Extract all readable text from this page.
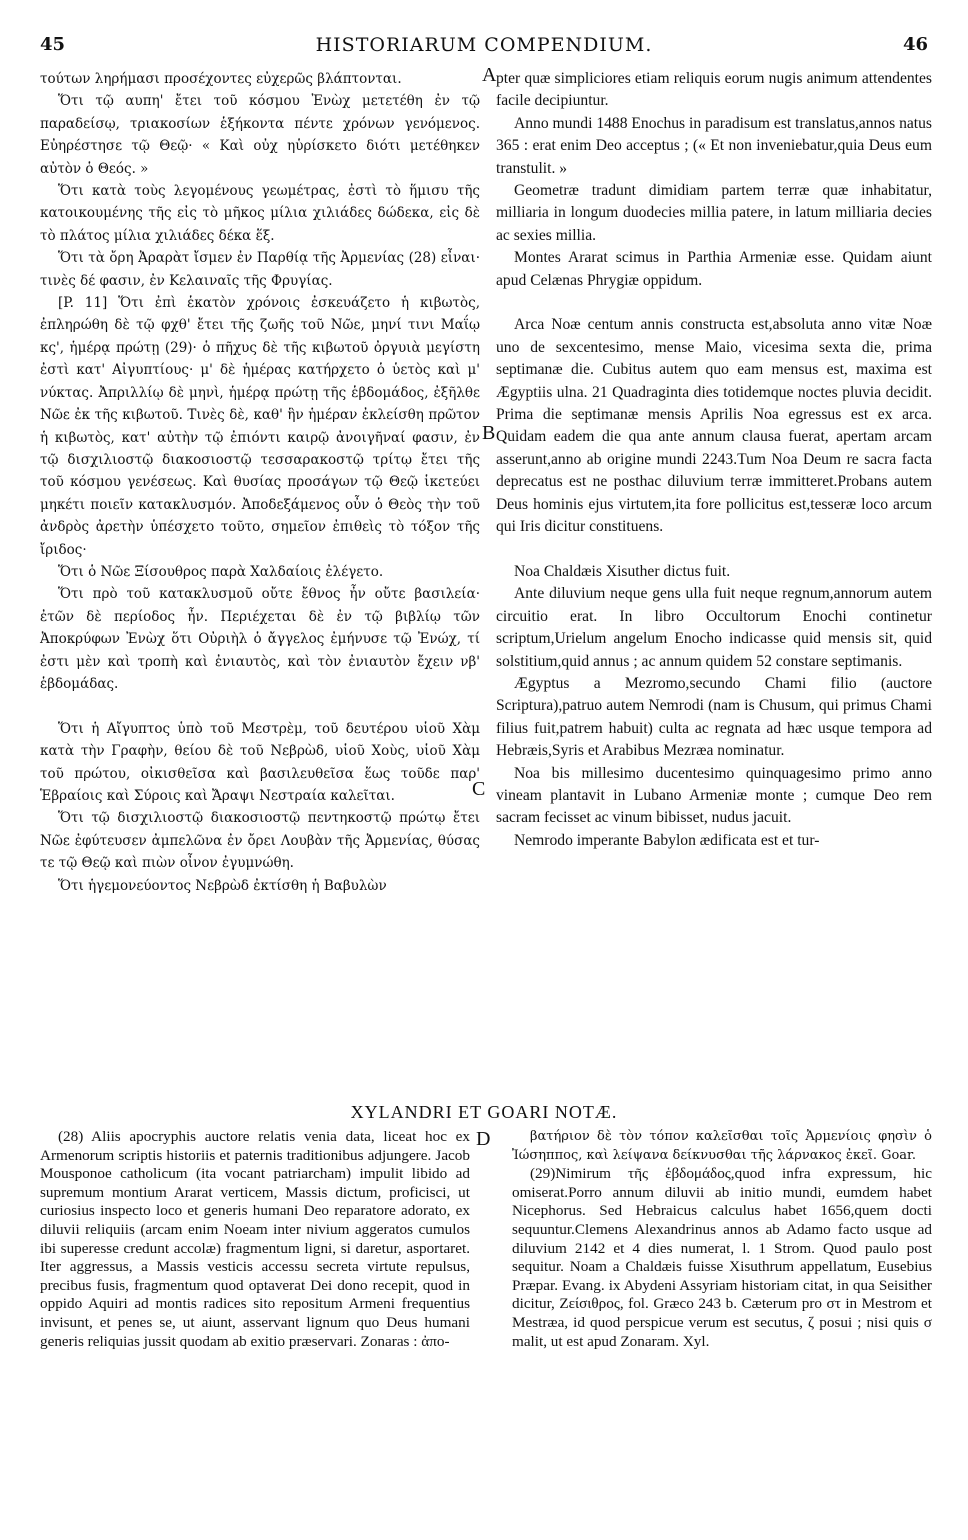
45	HISTORIARUM COMPENDIUM.	46
A
B
C
D

τούτων ληρήμασι προσέχοντες εὐχερῶς βλάπτονται.

Ὅτι τῷ αυπη' ἔτει τοῦ κόσμου Ἐνὼχ μετετέθη ἐν τῷ παραδείσῳ, τριακοσίων ἑξήκοντα πέντε χρόνων γενόμενος. Εὐηρέστησε τῷ Θεῷ· « Καὶ οὐχ ηὑρίσκετο διότι μετέθηκεν αὐτὸν ὁ Θεός. »

Ὅτι κατὰ τοὺς λεγομένους γεωμέτρας, ἐστὶ τὸ ἥμισυ τῆς κατοικουμένης τῆς εἰς τὸ μῆκος μίλια χιλιάδες δώδεκα, εἰς δὲ τὸ πλάτος μίλια χιλιάδες δέκα ἕξ.

Ὅτι τὰ ὄρη Ἀραρὰτ ἴσμεν ἐν Παρθίᾳ τῆς Ἀρμενίας (28) εἶναι· τινὲς δέ φασιν, ἐν Κελαιναῖς τῆς Φρυγίας.

[P. 11] Ὅτι ἐπὶ ἑκατὸν χρόνοις ἐσκευάζετο ἡ κιβωτὸς, ἐπληρώθη δὲ τῷ φχθ' ἔτει τῆς ζωῆς τοῦ Νῶε, μηνί τινι Μαΐῳ κς', ἡμέρᾳ πρώτῃ (29)· ὁ πῆχυς δὲ τῆς κιβωτοῦ ὀργυιὰ μεγίστη ἐστὶ κατ' Αἰγυπτίους· μ' δὲ ἡμέρας κατήρχετο ὁ ὑετὸς καὶ μ' νύκτας. Ἀπριλλίῳ δὲ μηνὶ, ἡμέρᾳ πρώτῃ τῆς ἑβδομάδος, ἐξῆλθε Νῶε ἐκ τῆς κιβωτοῦ. Τινὲς δὲ, καθ' ἣν ἡμέραν ἐκλείσθη πρῶτον ἡ κιβωτὸς, κατ' αὐτὴν τῷ ἐπιόντι καιρῷ ἀνοιγῆναί φασιν, ἐν τῷ δισχιλιοστῷ διακοσιοστῷ τεσσαρακοστῷ τρίτῳ ἔτει τῆς τοῦ κόσμου γενέσεως. Καὶ θυσίας προσάγων τῷ Θεῷ ἱκετεύει μηκέτι ποιεῖν κατακλυσμόν. Ἀποδεξάμενος οὖν ὁ Θεὸς τὴν τοῦ ἀνδρὸς ἀρετὴν ὑπέσχετο τοῦτο, σημεῖον ἐπιθεὶς τὸ τόξον τῆς ἴριδος·

Ὅτι ὁ Νῶε Ξίσουθρος παρὰ Χαλδαίοις ἐλέγετο.

Ὅτι πρὸ τοῦ κατακλυσμοῦ οὔτε ἔθνος ἦν οὔτε βασιλεία· ἐτῶν δὲ περίοδος ἦν. Περιέχεται δὲ ἐν τῷ βιβλίῳ τῶν Ἀποκρύφων Ἐνὼχ ὅτι Οὐριὴλ ὁ ἄγγελος ἐμήνυσε τῷ Ἐνώχ, τί ἐστι μὲν καὶ τροπὴ καὶ ἐνιαυτὸς, καὶ τὸν ἐνιαυτὸν ἔχειν νβ' ἑβδομάδας.

Ὅτι ἡ Αἴγυπτος ὑπὸ τοῦ Μεστρὲμ, τοῦ δευτέρου υἱοῦ Χὰμ κατὰ τὴν Γραφὴν, θείου δὲ τοῦ Νεβρὼδ, υἱοῦ Χοὺς, υἱοῦ Χὰμ τοῦ πρώτου, οἰκισθεῖσα καὶ βασιλευθεῖσα ἕως τοῦδε παρ' Ἑβραίοις καὶ Σύροις καὶ Ἄραψι Νεστραία καλεῖται.

Ὅτι τῷ δισχιλιοστῷ διακοσιοστῷ πεντηκοστῷ πρώτῳ ἔτει Νῶε ἐφύτευσεν ἀμπελῶνα ἐν ὄρει Λουβὰν τῆς Ἀρμενίας, θύσας τε τῷ Θεῷ καὶ πιὼν οἶνον ἐγυμνώθη.

Ὅτι ἡγεμονεύοντος Νεβρὼδ ἐκτίσθη ἡ Βαβυλὼν

pter quæ simpliciores etiam reliquis eorum nugis animum attendentes facile decipiuntur.

Anno mundi 1488 Enochus in paradisum est translatus,annos natus 365 : erat enim Deo acceptus ; (« Et non inveniebatur,quia Deus eum transtulit. »

Geometræ tradunt dimidiam partem terræ quæ inhabitatur, milliaria in longum duodecies millia patere, in latum milliaria decies ac sexies millia.

Montes Ararat scimus in Parthia Armeniæ esse. Quidam aiunt apud Celænas Phrygiæ oppidum.

Arca Noæ centum annis constructa est,absoluta anno vitæ Noæ uno de sexcentesimo, mense Maio, vicesima sexta die, prima septimanæ die. Cubitus autem quo eam mensus est, maxima est Ægyptiis ulna. 21 Quadraginta dies totidemque noctes pluvia decidit. Prima die septimanæ mensis Aprilis Noa egressus est ex arca. Quidam eadem die qua ante annum clausa fuerat, apertam arcam asserunt,anno ab origine mundi 2243.Tum Noa Deum re sacra facta deprecatus est ne posthac diluvium terræ immitteret.Probans autem Deus hominis ejus virtutem,ita fore pollicitus est,tesseræ loco arcum qui Iris dicitur constituens.

Noa Chaldæis Xisuther dictus fuit.

Ante diluvium neque gens ulla fuit neque regnum,annorum autem circuitio erat. In libro Occultorum Enochi continetur scriptum,Urielum angelum Enocho indicasse quid mensis sit, quid solstitium,quid annus ; ac annum quidem 52 constare septimanis.

Ægyptus a Mezromo,secundo Chami filio (auctore Scriptura),patruo autem Nemrodi (nam is Chusum, qui primus Chami filius fuit,patrem habuit) culta ac regnata ad hæc usque tempora ad Hebræis,Syris et Arabibus Mezræa nominatur.

Noa bis millesimo ducentesimo quinquagesimo primo anno vineam plantavit in Lubano Armeniæ monte ; cumque Deo rem sacram fecisset ac vinum bibisset, nudus jacuit.

Nemrodo imperante Babylon ædificata est et tur-

XYLANDRI ET GOARI NOTÆ.

(28) Aliis apocryphis auctore relatis venia data, liceat hoc ex Armenorum scriptis historiis et paternis traditionibus adjungere. Jacob Mousponoe catholicum (ita vocant patriarcham) impulit libido ad supremum montium Ararat verticem, Massis dictum, proficisci, ut curiosius inspecto loco et generis humani Deo reparatore adorato, ex diluvii reliquiis (arcam enim Noeam inter nivium aggeratos cumulos ibi superesse credunt accolæ) fragmentum ligni, si daretur, asportaret. Iter aggressus, a Massis vesticis accessu secreta virtute repulsus, precibus fusis, fragmentum quod optaverat Dei dono recepit, quod in oppido Aquiri ad montis radices sito repositum Armeni frequentius invisunt, et penes se, ut aiunt, asservant lignum quo Deus humani generis reliquias jussit quodam ab exitio præservari. Zonaras : ἀπο-

βατήριον δὲ τὸν τόπον καλεῖσθαι τοῖς Ἀρμενίοις φησὶν ὁ Ἰώσηππος, καὶ λείψανα δείκνυσθαι τῆς λάρνακος ἐκεῖ. Goar.

(29)Nimirum τῆς ἑβδομάδος,quod infra expressum, hic omiserat.Porro annum diluvii ab initio mundi, eumdem habet Nicephorus. Sed Hebraicus calculus habet 1656,quem docti sequuntur.Clemens Alexandrinus annos ab Adamo facto usque ad diluvium 2142 et 4 dies numerat, l. 1 Strom. Quod paulo post sequitur. Noam a Chaldæis fuisse Xisuthrum appellatum, Eusebius Præpar. Evang. ix Abydeni Assyriam historiam citat, in qua Seisither dicitur, Ζείσιθρος, fol. Græco 243 b. Cæterum pro στ in Mestrom et Mestræa, id quod perspicue verum est secutus, ζ posui ; nisi quis σ malit, ut est apud Zonaram. Xyl.
